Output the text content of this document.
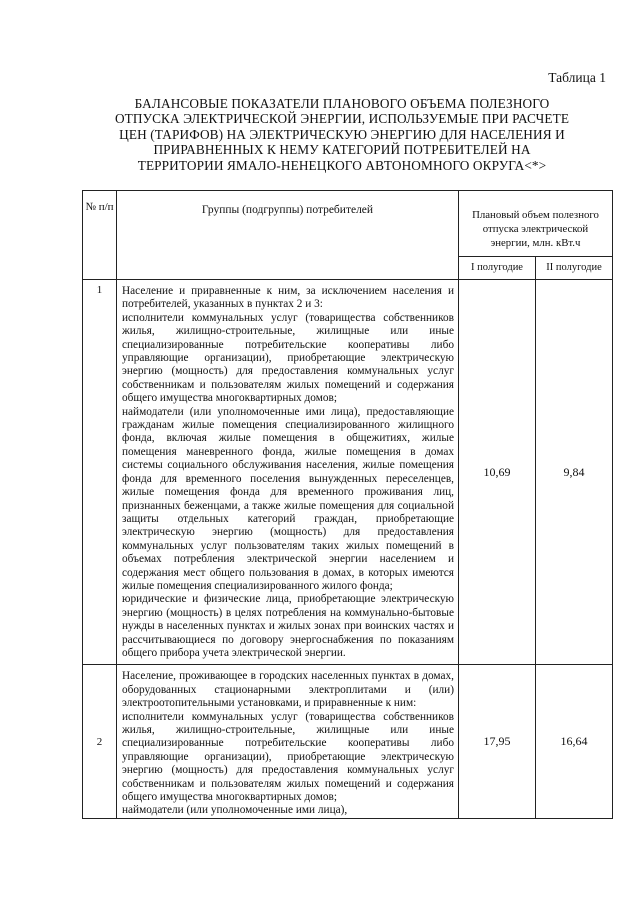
Таблица 1
БАЛАНСОВЫЕ ПОКАЗАТЕЛИ ПЛАНОВОГО ОБЪЕМА ПОЛЕЗНОГО ОТПУСКА ЭЛЕКТРИЧЕСКОЙ ЭНЕРГИИ, ИСПОЛЬЗУЕМЫЕ ПРИ РАСЧЕТЕ ЦЕН (ТАРИФОВ) НА ЭЛЕКТРИЧЕСКУЮ ЭНЕРГИЮ ДЛЯ НАСЕЛЕНИЯ И ПРИРАВНЕННЫХ К НЕМУ КАТЕГОРИЙ ПОТРЕБИТЕЛЕЙ НА ТЕРРИТОРИИ ЯМАЛО-НЕНЕЦКОГО АВТОНОМНОГО ОКРУГА<*>
№ п/п	Группы (подгруппы) потребителей	Плановый объем полезного отпуска электрической энергии, млн. кВт.ч	
		I полугодие	II полугодие
1	Население и приравненные к ним, за исключением населения и потребителей, указанных в пунктах 2 и 3:

исполнители коммунальных услуг (товарищества собственников жилья, жилищно-строительные, жилищные или иные специализированные потребительские кооперативы либо управляющие организации), приобретающие электрическую энергию (мощность) для предоставления коммунальных услуг собственникам и пользователям жилых помещений и содержания общего имущества многоквартирных домов;

наймодатели (или уполномоченные ими лица), предоставляющие гражданам жилые помещения специализированного жилищного фонда, включая жилые помещения в общежитиях, жилые помещения маневренного фонда, жилые помещения в домах системы социального обслуживания населения, жилые помещения фонда для временного поселения вынужденных переселенцев, жилые помещения фонда для временного проживания лиц, признанных беженцами, а также жилые помещения для социальной защиты отдельных категорий граждан, приобретающие электрическую энергию (мощность) для предоставления коммунальных услуг пользователям таких жилых помещений в объемах потребления электрической энергии населением и содержания мест общего пользования в домах, в которых имеются жилые помещения специализированного жилого фонда;

юридические и физические лица, приобретающие электрическую энергию (мощность) в целях потребления на коммунально-бытовые нужды в населенных пунктах и жилых зонах при воинских частях и рассчитывающиеся по договору энергоснабжения по показаниям общего прибора учета электрической энергии.	10,69	9,84
2	Население, проживающее в городских населенных пунктах в домах, оборудованных стационарными электроплитами и (или) электроотопительными установками, и приравненные к ним:

исполнители коммунальных услуг (товарищества собственников жилья, жилищно-строительные, жилищные или иные специализированные потребительские кооперативы либо управляющие организации), приобретающие электрическую энергию (мощность) для предоставления коммунальных услуг собственникам и пользователям жилых помещений и содержания общего имущества многоквартирных домов;

наймодатели (или уполномоченные ими лица),	17,95	16,64
